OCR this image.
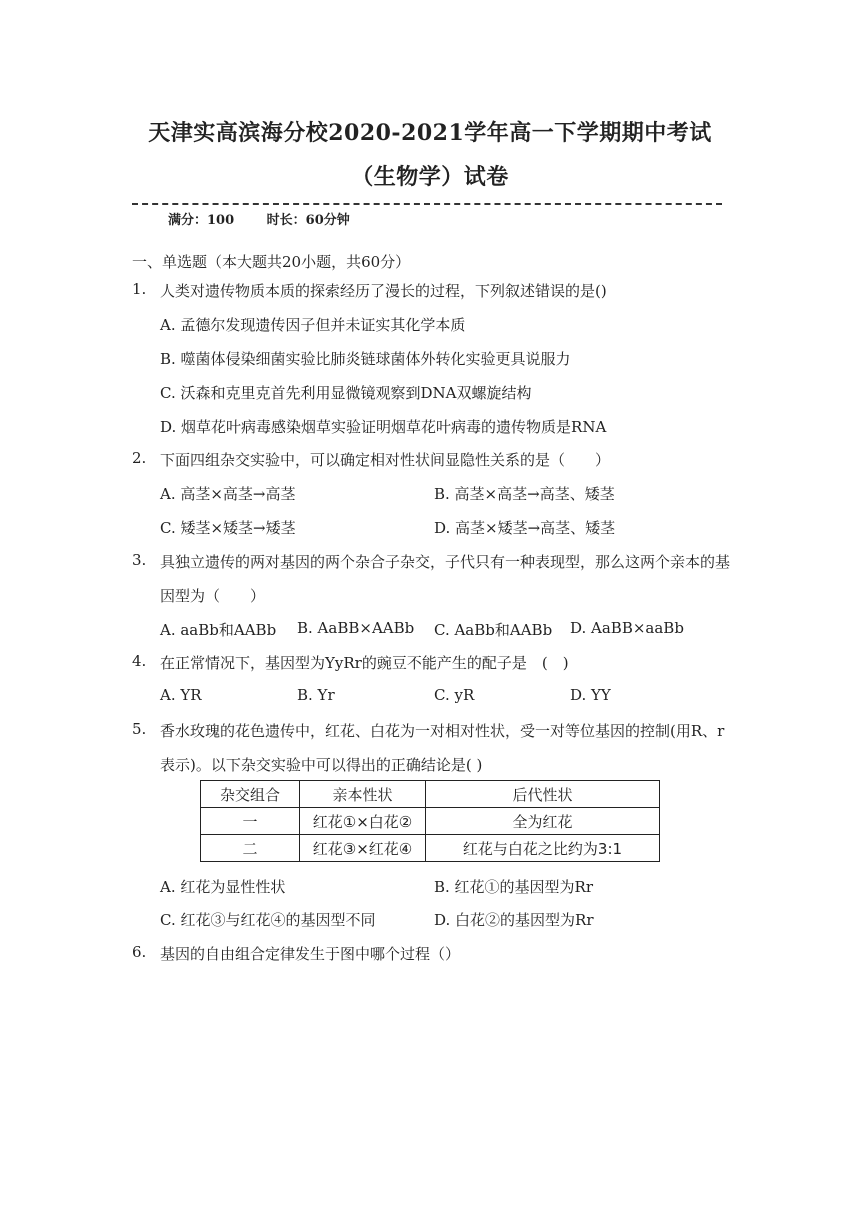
天津实高滨海分校2020-2021学年高一下学期期中考试
（生物学）试卷
满分：100	时长：60分钟
一、单选题（本大题共20小题，共60分）
1. 人类对遗传物质本质的探索经历了漫长的过程，下列叙述错误的是()
A. 孟德尔发现遗传因子但并未证实其化学本质
B. 噬菌体侵染细菌实验比肺炎链球菌体外转化实验更具说服力
C. 沃森和克里克首先利用显微镜观察到DNA双螺旋结构
D. 烟草花叶病毒感染烟草实验证明烟草花叶病毒的遗传物质是RNA
2. 下面四组杂交实验中，可以确定相对性状间显隐性关系的是（　　）
A. 高茎×高茎→高茎	B. 高茎×高茎→高茎、矮茎
C. 矮茎×矮茎→矮茎	D. 高茎×矮茎→高茎、矮茎
3. 具独立遗传的两对基因的两个杂合子杂交，子代只有一种表现型，那么这两个亲本的基
因型为（　　）
A. aaBb和AABb B. AaBB×AABb C. AaBb和AABb D. AaBB×aaBb
4. 在正常情况下，基因型为YyRr的豌豆不能产生的配子是　(　)
A. YR	B. Yr	C. yR	D. YY
5. 香水玫瑰的花色遗传中，红花、白花为一对相对性状，受一对等位基因的控制(用R、r
表示)。以下杂交实验中可以得出的正确结论是( )
杂交组合	亲本性状	后代性状
一	红花①×白花②	全为红花
二	红花③×红花④	红花与白花之比约为3:1
A. 红花为显性性状	B. 红花①的基因型为Rr
C. 红花③与红花④的基因型不同	D. 白花②的基因型为Rr
6. 基因的自由组合定律发生于图中哪个过程（）
